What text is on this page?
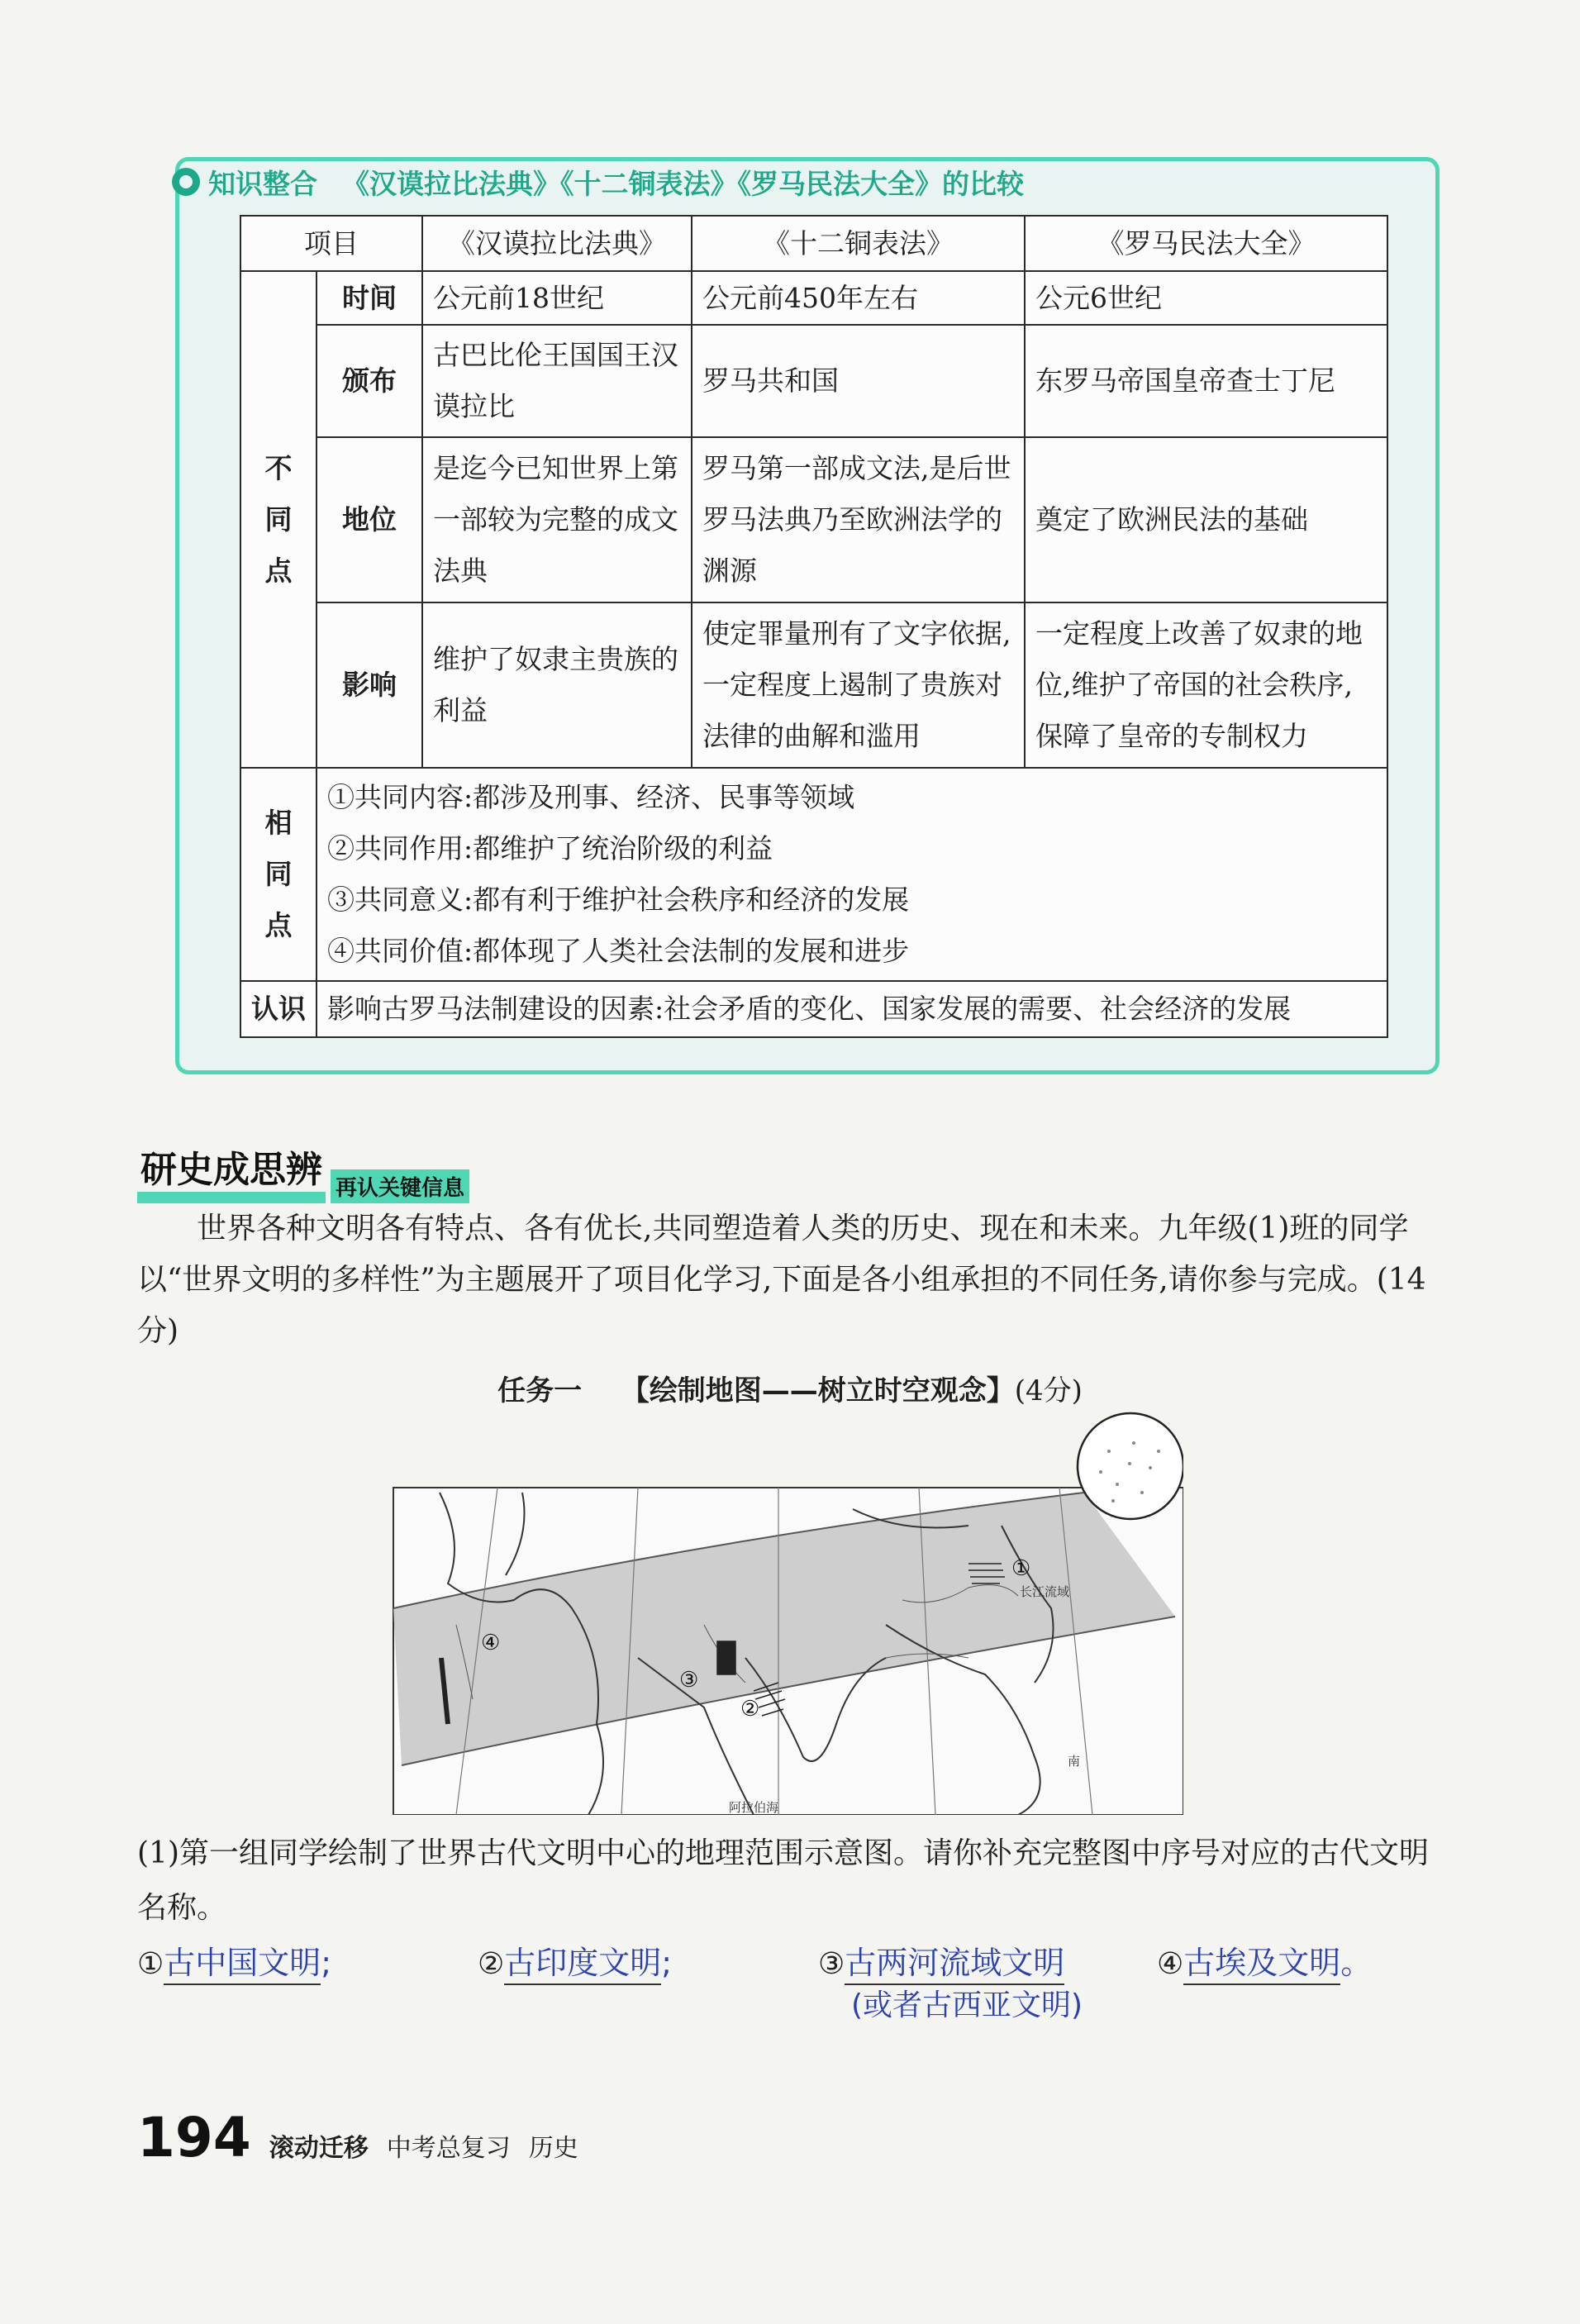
知识整合 《汉谟拉比法典》《十二铜表法》《罗马民法大全》的比较
项目		《汉谟拉比法典》	《十二铜表法》	《罗马民法大全》

不同点	时间	公元前18世纪	公元前450年左右	公元6世纪
	颁布	古巴比伦王国国王汉谟拉比	罗马共和国	东罗马帝国皇帝查士丁尼
	地位	是迄今已知世界上第一部较为完整的成文法典	罗马第一部成文法,是后世罗马法典乃至欧洲法学的渊源	奠定了欧洲民法的基础
	影响	维护了奴隶主贵族的利益	使定罪量刑有了文字依据,一定程度上遏制了贵族对法律的曲解和滥用	一定程度上改善了奴隶的地位,维护了帝国的社会秩序,保障了皇帝的专制权力

相同点	①共同内容:都涉及刑事、经济、民事等领域
②共同作用:都维护了统治阶级的利益
③共同意义:都有利于维护社会秩序和经济的发展
④共同价值:都体现了人类社会法制的发展和进步			

认识	影响古罗马法制建设的因素:社会矛盾的变化、国家发展的需要、社会经济的发展			
研史成思辨 再认关键信息
世界各种文明各有特点、各有优长,共同塑造着人类的历史、现在和未来。九年级(1)班的同学以“世界文明的多样性”为主题展开了项目化学习,下面是各小组承担的不同任务,请你参与完成。(14分)
任务一 【绘制地图——树立时空观念】(4分)
①
②
③
④
长江流域
阿拉伯海
南
(1)第一组同学绘制了世界古代文明中心的地理范围示意图。请你补充完整图中序号对应的古代文明名称。
①古中国文明;	②古印度文明;	③古两河流域文明
(或者古西亚文明)
④古埃及文明。
194 滚动迁移 中考总复习 历史
